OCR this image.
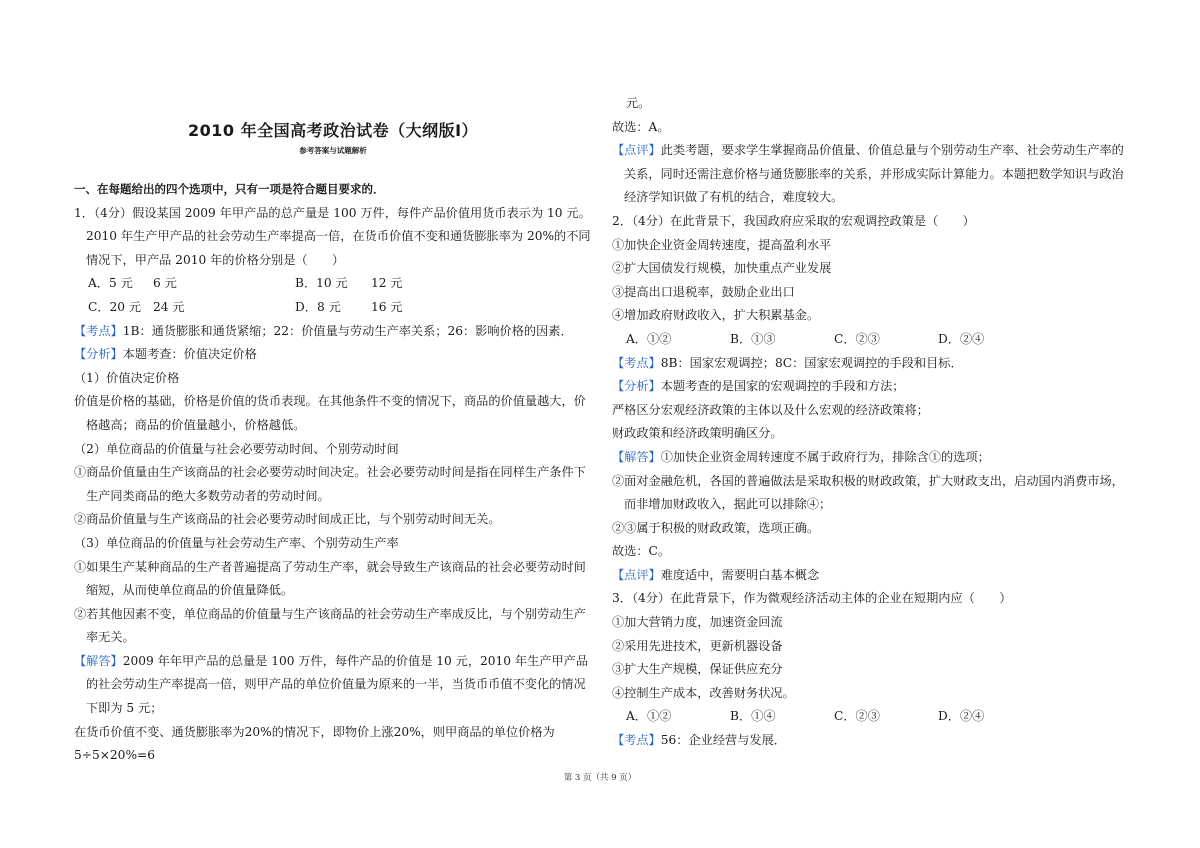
2010 年全国高考政治试卷（大纲版Ⅰ）

参考答案与试题解析

一、在每题给出的四个选项中，只有一项是符合题目要求的．

1．（4分）假设某国 2009 年甲产品的总产量是 100 万件，每件产品价值用货币表示为 10 元。2010 年生产甲产品的社会劳动生产率提高一倍，在货币价值不变和通货膨胀率为 20%的不同情况下，甲产品 2010 年的价格分别是（　　）

A．5 元	6 元	B．10 元	12 元
C．20 元 24 元	D．8 元	16 元

【考点】1B：通货膨胀和通货紧缩；22：价值量与劳动生产率关系；26：影响价格的因素．

【分析】本题考查：价值决定价格

（1）价值决定价格

价值是价格的基础，价格是价值的货币表现。在其他条件不变的情况下，商品的价值量越大，价格越高；商品的价值量越小，价格越低。

（2）单位商品的价值量与社会必要劳动时间、个别劳动时间

①商品价值量由生产该商品的社会必要劳动时间决定。社会必要劳动时间是指在同样生产条件下生产同类商品的绝大多数劳动者的劳动时间。

②商品价值量与生产该商品的社会必要劳动时间成正比，与个别劳动时间无关。

（3）单位商品的价值量与社会劳动生产率、个别劳动生产率

①如果生产某种商品的生产者普遍提高了劳动生产率，就会导致生产该商品的社会必要劳动时间缩短，从而使单位商品的价值量降低。

②若其他因素不变，单位商品的价值量与生产该商品的社会劳动生产率成反比，与个别劳动生产率无关。

【解答】2009 年年甲产品的总量是 100 万件，每件产品的价值是 10 元，2010 年生产甲产品的社会劳动生产率提高一倍，则甲产品的单位价值量为原来的一半，当货币币值不变化的情况下即为 5 元；

在货币价值不变、通货膨胀率为20%的情况下，即物价上涨20%，则甲商品的单位价格为5÷5×20%=6

元。

故选：A。

【点评】此类考题，要求学生掌握商品价值量、价值总量与个别劳动生产率、社会劳动生产率的关系，同时还需注意价格与通货膨胀率的关系，并形成实际计算能力。本题把数学知识与政治经济学知识做了有机的结合，难度较大。

2．（4分）在此背景下，我国政府应采取的宏观调控政策是（　　）

①加快企业资金周转速度，提高盈利水平

②扩大国债发行规模，加快重点产业发展

③提高出口退税率，鼓励企业出口

④增加政府财政收入，扩大积累基金。

A．①②	B．①③	C．②③	D．②④

【考点】8B：国家宏观调控；8C：国家宏观调控的手段和目标．

【分析】本题考查的是国家的宏观调控的手段和方法；

严格区分宏观经济政策的主体以及什么宏观的经济政策将；

财政政策和经济政策明确区分。

【解答】①加快企业资金周转速度不属于政府行为，排除含①的选项；

②面对金融危机，各国的普遍做法是采取积极的财政政策，扩大财政支出，启动国内消费市场，而非增加财政收入，据此可以排除④；

②③属于积极的财政政策，选项正确。

故选：C。

【点评】难度适中，需要明白基本概念

3．（4分）在此背景下，作为微观经济活动主体的企业在短期内应（　　）

①加大营销力度，加速资金回流

②采用先进技术，更新机器设备

③扩大生产规模，保证供应充分

④控制生产成本，改善财务状况。

A．①②	B．①④	C．②③	D．②④

【考点】56：企业经营与发展．

第 3 页（共 9 页）
